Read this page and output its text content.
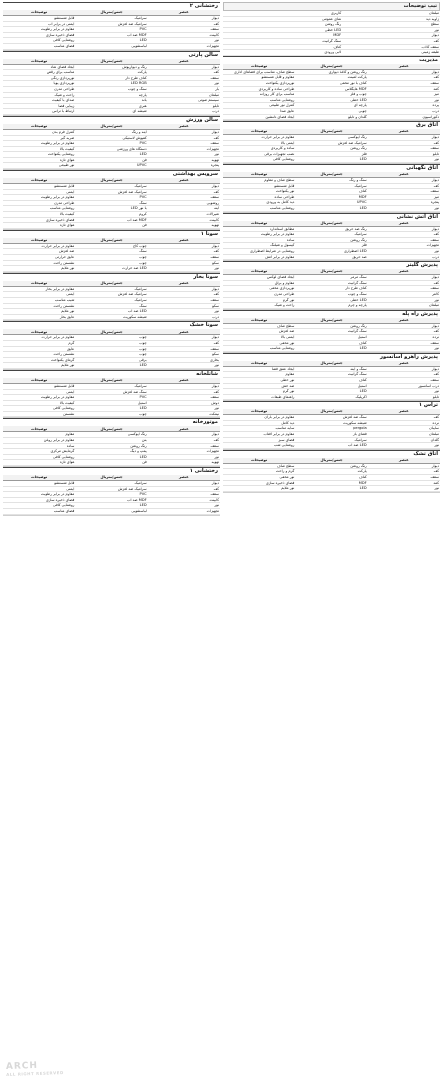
تیپ توضیحات
مبلمان
کاربری
زاویه دید
نمای عمومی
سطح
رنگ روشن
نور
LED خطی
دیوار
MDF
کف
سنگ گرانیت
سقف کاذب
کناف
طبقه زمینی
لابی ورودی
مدیریت
عنصر	جنس/متریال	توضیحات
دیوار	رنگ روشن و کاغذ دیواری	سطح صاف، مناسب برای فضاهای اداری
کف	پارکت لمینت	مقاوم و قابل شستشو
سقف	کناف با نور مخفی	نورپردازی یکنواخت
کمد	MDF هایگلاس	طراحی ساده و کاربردی
میز	چوب و فلز	مناسب برای کار روزانه
نور	LED خطی	روشنایی مناسب
پرده	پارچه ای	کنترل نور طبیعی
درب	چوبی	عایق صدا
دکوراسیون	گلدان و تابلو	ایجاد فضای دلنشین
اتاق برق
عنصر	جنس/متریال	توضیحات
دیوار	رنگ اپوکسی	مقاوم در برابر حرارت
کف	سرامیک ضد لغزش	ایمنی بالا
سقف	رنگ روشن	ساده و کاربردی
تابلو	فلز	نصب تجهیزات برقی
نور	LED	روشنایی کافی
اتاق نگهبانی
عنصر	جنس/متریال	توضیحات
دیوار	سنگ و رنگ	سطح صاف و مقاوم
کف	سرامیک	قابل شستشو
سقف	کناف	نور یکنواخت
میز	MDF	طراحی ساده
پنجره	UPVC	دید کامل به ورودی
نور	LED	روشنایی مناسب
اتاق آتش نشانی
عنصر	جنس/متریال	توضیحات
دیوار	رنگ ضد حریق	مطابق استاندارد
کف	سرامیک	مقاوم در برابر رطوبت
سقف	رنگ روشن	ساده
تجهیزات	فلز	کپسول و شیلنگ
نور	LED اضطراری	روشنایی در شرایط اضطراری
درب	ضد حریق	مقاوم در برابر آتش
پذیرش گلیتر
عنصر	جنس/متریال	توضیحات
دیوار	سنگ مرمر	ایجاد فضای لوکس
کف	سنگ گرانیت	مقاوم و براق
سقف	کناف طرح دار	نورپردازی مخفی
کانتر	سنگ و چوب	طراحی مدرن
نور	LED خطی	نور گرم
مبلمان	پارچه و چرم	راحت و شیک
پذیرش راه پله
عنصر	جنس/متریال	توضیحات
دیوار	رنگ روشن	سطح صاف
کف	سنگ گرانیت	ضد لغزش
نرده	استیل	ایمنی بالا
سقف	کناف	نور مخفی
نور	LED	روشنایی مناسب
پذیرش راهرو آسانسور
عنصر	جنس/متریال	توضیحات
دیوار	سنگ و آینه	ایجاد عمق فضا
کف	سنگ گرانیت	مقاوم
سقف	کناف	نور خطی
درب آسانسور	استیل	ضد خش
نور	LED	نور گرم
تابلو	آکریلیک	راهنمای طبقات
تراس ۱
عنصر	جنس/متریال	توضیحات
کف	سنگ ضد لغزش	مقاوم در برابر باران
نرده	شیشه سکوریت	دید کامل
سایبان	pergola	سایه مناسب
مبلمان	فضای باز	مقاوم در برابر آفتاب
گلدان	سرامیک	فضای سبز
نور	LED ضد آب	روشنایی شب
اتاق تشک
عنصر	جنس/متریال	توضیحات
دیوار	رنگ روشن	سطح صاف
کف	پارکت	گرم و راحت
سقف	کناف	نور مخفی
کمد	MDF	فضای ذخیره سازی
نور	LED	نور ملایم
رختشانی ۲
عنصر	جنس/متریال	توضیحات
دیوار	سرامیک	قابل شستشو
کف	سرامیک ضد لغزش	ایمنی در برابر آب
سقف	PVC	مقاوم در برابر رطوبت
کابینت	MDF ضد آب	فضای ذخیره سازی
نور	LED	روشنایی کافی
تجهیزات	لباسشویی	فضای مناسب
سالن پارتی
عنصر	جنس/متریال	توضیحات
دیوار	رنگ و دیوارپوش	ایجاد فضای شاد
کف	پارکت	مناسب برای رقص
سقف	کناف طرح دار	نورپردازی رنگی
نور	LED RGB	نورپردازی پویا
بار	سنگ و چوب	طراحی مدرن
مبلمان	پارچه	راحت و شیک
سیستم صوتی	باند	صدای با کیفیت
تابلو	هنری	زیبایی فضا
درب	شیشه ای	ارتباط با تراس
سالن ورزش
عنصر	جنس/متریال	توضیحات
دیوار	آینه و رنگ	کنترل فرم بدن
کف	کفپوش لاستیکی	ضربه گیر
سقف	PVC	مقاوم در برابر رطوبت
تجهیزات	دستگاه های ورزشی	کیفیت بالا
نور	LED	روشنایی یکنواخت
تهویه	فن	هوای تازه
پنجره	UPVC	نور طبیعی
سرویس بهداشتی
عنصر	جنس/متریال	توضیحات
دیوار	سرامیک	قابل شستشو
کف	سرامیک ضد لغزش	ایمنی
سقف	PVC	مقاوم در برابر رطوبت
روشویی	سنگ	طراحی مدرن
آینه	با نور LED	روشنایی مناسب
شیرآلات	کروم	کیفیت بالا
کابینت	MDF ضد آب	فضای ذخیره سازی
تهویه	فن	هوای تازه
سونا ۱
عنصر	جنس/متریال	توضیحات
دیوار	چوب کاج	مقاوم در برابر حرارت
کف	سنگ	ضد لغزش
سقف	چوب	عایق حرارتی
سکو	چوب	نشستن راحت
نور	LED ضد حرارت	نور ملایم
سونا بخار
عنصر	جنس/متریال	توضیحات
دیوار	سرامیک	مقاوم در برابر بخار
کف	سرامیک ضد لغزش	ایمنی
سقف	سرامیک	شیب مناسب
سکو	سنگ	نشستن راحت
نور	LED ضد آب	نور ملایم
درب	شیشه سکوریت	عایق بخار
سونا خشک
عنصر	جنس/متریال	توضیحات
دیوار	چوب	مقاوم در برابر حرارت
کف	چوب	گرم
سقف	چوب	عایق
سکو	چوب	نشستن راحت
بخاری	برقی	گرمای یکنواخت
نور	LED	نور ملایم
شاتلخانه
عنصر	جنس/متریال	توضیحات
دیوار	سرامیک	قابل شستشو
کف	سنگ ضد لغزش	ایمنی
سقف	PVC	مقاوم در برابر رطوبت
دوش	استیل	کیفیت بالا
نور	LED	روشنایی کافی
نیمکت	چوب	نشستن
موتورخانه
عنصر	جنس/متریال	توضیحات
دیوار	رنگ اپوکسی	مقاوم
کف	بتن	مقاوم در برابر روغن
سقف	رنگ روشن	ساده
تجهیزات	پمپ و دیگ	گرمایش مرکزی
نور	LED	روشنایی کافی
تهویه	فن	هوای تازه
رختشانی ۱
عنصر	جنس/متریال	توضیحات
دیوار	سرامیک	قابل شستشو
کف	سرامیک ضد لغزش	ایمنی
سقف	PVC	مقاوم در برابر رطوبت
کابینت	MDF ضد آب	فضای ذخیره سازی
نور	LED	روشنایی کافی
تجهیزات	لباسشویی	فضای مناسب
ARCH
ALL RIGHT RESERVED
